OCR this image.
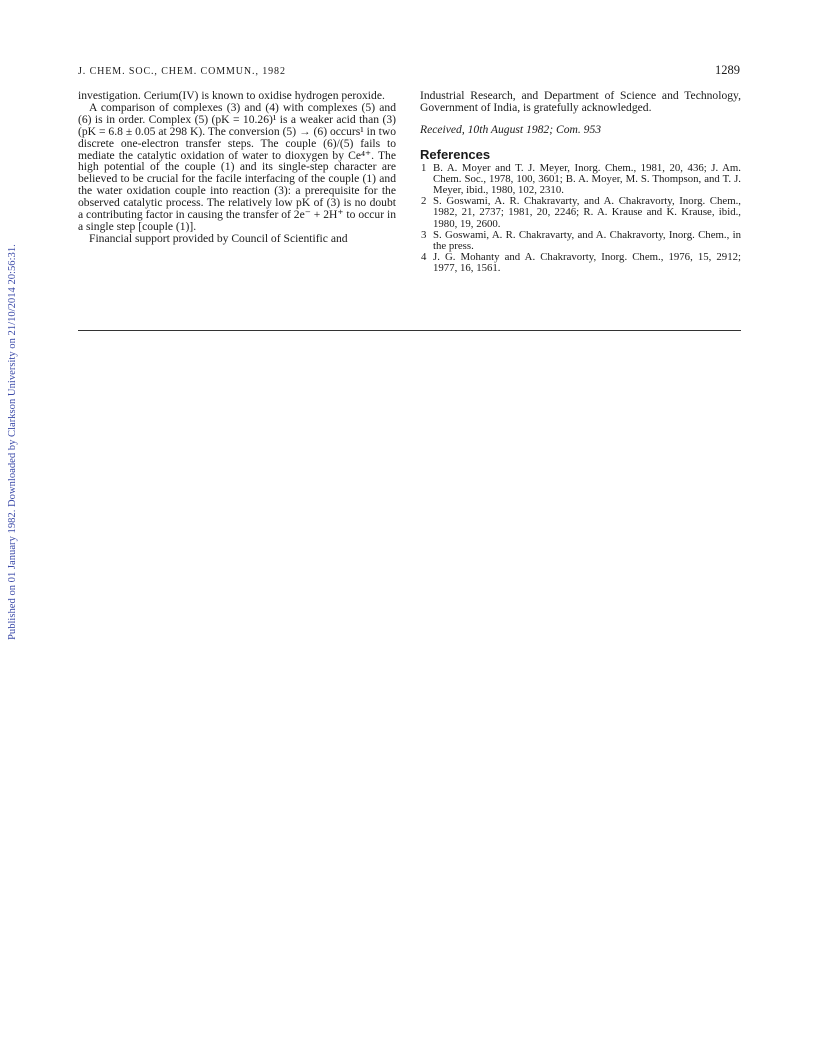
Published on 01 January 1982. Downloaded by Clarkson University on 21/10/2014 20:56:31.
J. CHEM. SOC., CHEM. COMMUN., 1982	1289

investigation. Cerium(IV) is known to oxidise hydrogen peroxide.

A comparison of complexes (3) and (4) with complexes (5) and (6) is in order. Complex (5) (pK = 10.26)¹ is a weaker acid than (3) (pK = 6.8 ± 0.05 at 298 K). The conversion (5) → (6) occurs¹ in two discrete one-electron transfer steps. The couple (6)/(5) fails to mediate the catalytic oxidation of water to dioxygen by Ce⁴⁺. The high potential of the couple (1) and its single-step character are believed to be crucial for the facile interfacing of the couple (1) and the water oxidation couple into reaction (3): a prerequisite for the observed catalytic process. The relatively low pK of (3) is no doubt a contributing factor in causing the transfer of 2e⁻ + 2H⁺ to occur in a single step [couple (1)].

Financial support provided by Council of Scientific and

Industrial Research, and Department of Science and Technology, Government of India, is gratefully acknowledged.

Received, 10th August 1982; Com. 953

References

1 B. A. Moyer and T. J. Meyer, Inorg. Chem., 1981, 20, 436; J. Am. Chem. Soc., 1978, 100, 3601; B. A. Moyer, M. S. Thompson, and T. J. Meyer, ibid., 1980, 102, 2310.

2 S. Goswami, A. R. Chakravarty, and A. Chakravorty, Inorg. Chem., 1982, 21, 2737; 1981, 20, 2246; R. A. Krause and K. Krause, ibid., 1980, 19, 2600.

3 S. Goswami, A. R. Chakravarty, and A. Chakravorty, Inorg. Chem., in the press.

4 J. G. Mohanty and A. Chakravorty, Inorg. Chem., 1976, 15, 2912; 1977, 16, 1561.
